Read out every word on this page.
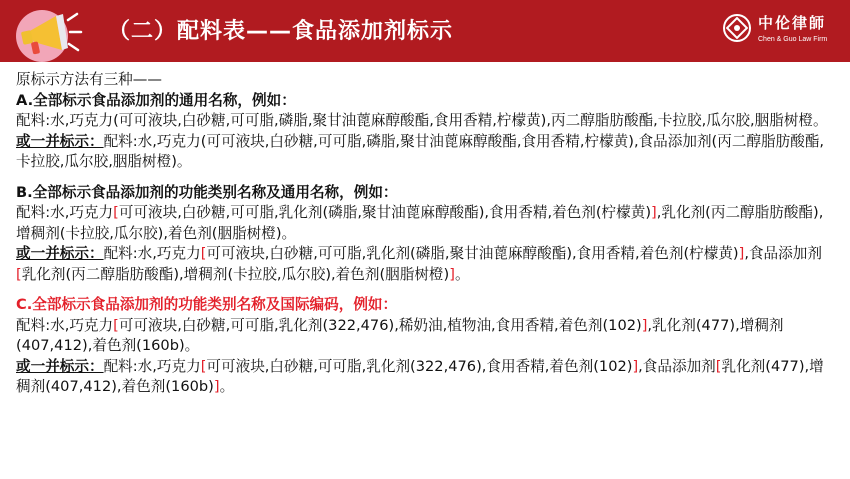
（二）配料表——食品添加剂标示	中伦律師
Chen & Guo Law Firm

原标示方法有三种——

A.全部标示食品添加剂的通用名称，例如：

配料:水,巧克力(可可液块,白砂糖,可可脂,磷脂,聚甘油蓖麻醇酸酯,食用香精,柠檬黄),丙二醇脂肪酸酯,卡拉胶,瓜尔胶,胭脂树橙。

或一并标示：配料:水,巧克力(可可液块,白砂糖,可可脂,磷脂,聚甘油蓖麻醇酸酯,食用香精,柠檬黄),食品添加剂(丙二醇脂肪酸酯,卡拉胶,瓜尔胶,胭脂树橙)。

B.全部标示食品添加剂的功能类别名称及通用名称，例如：

配料:水,巧克力[可可液块,白砂糖,可可脂,乳化剂(磷脂,聚甘油蓖麻醇酸酯),食用香精,着色剂(柠檬黄)],乳化剂(丙二醇脂肪酸酯),增稠剂(卡拉胶,瓜尔胶),着色剂(胭脂树橙)。

或一并标示：配料:水,巧克力[可可液块,白砂糖,可可脂,乳化剂(磷脂,聚甘油蓖麻醇酸酯),食用香精,着色剂(柠檬黄)],食品添加剂[乳化剂(丙二醇脂肪酸酯),增稠剂(卡拉胶,瓜尔胶),着色剂(胭脂树橙)]。

C.全部标示食品添加剂的功能类别名称及国际编码，例如：

配料:水,巧克力[可可液块,白砂糖,可可脂,乳化剂(322,476),稀奶油,植物油,食用香精,着色剂(102)],乳化剂(477),增稠剂(407,412),着色剂(160b)。

或一并标示：配料:水,巧克力[可可液块,白砂糖,可可脂,乳化剂(322,476),食用香精,着色剂(102)],食品添加剂[乳化剂(477),增稠剂(407,412),着色剂(160b)]。
